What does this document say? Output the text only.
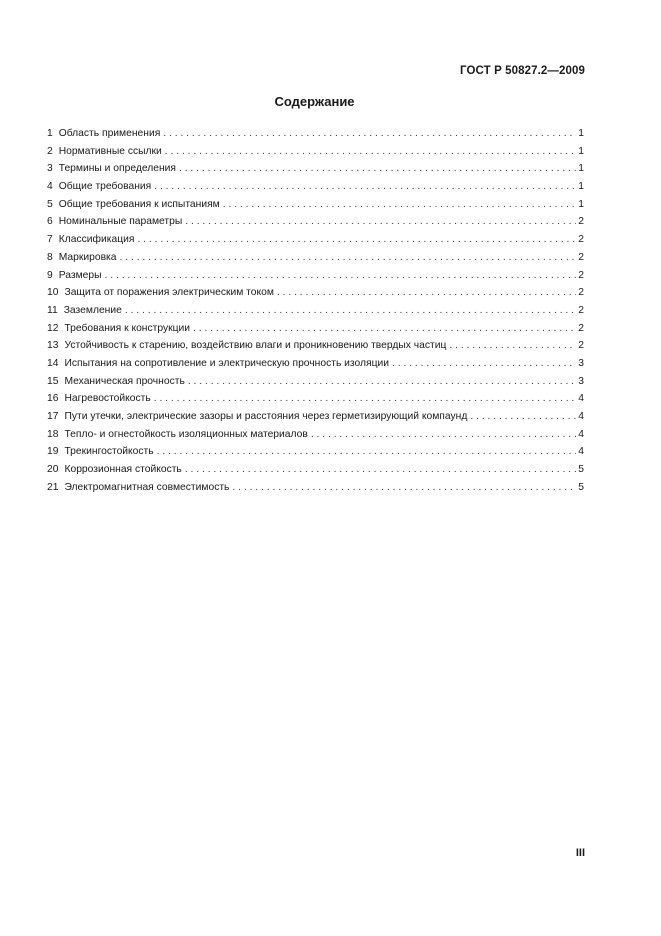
ГОСТ Р 50827.2—2009
Содержание
1 Область применения . . .	1
2 Нормативные ссылки . . .	1
3 Термины и определения . . .	1
4 Общие требования . . .	1
5 Общие требования к испытаниям . . .	1
6 Номинальные параметры . . .	2
7 Классификация . . .	2
8 Маркировка . . .	2
9 Размеры . . .	2
10 Защита от поражения электрическим током . . .	2
11 Заземление . . .	2
12 Требования к конструкции . . .	2
13 Устойчивость к старению, воздействию влаги и проникновению твердых частиц . . .	2
14 Испытания на сопротивление и электрическую прочность изоляции . . .	3
15 Механическая прочность . . .	3
16 Нагревостойкость . . .	4
17 Пути утечки, электрические зазоры и расстояния через герметизирующий компаунд . . .	4
18 Тепло- и огнестойкость изоляционных материалов . . .	4
19 Трекингостойкость . . .	4
20 Коррозионная стойкость . . .	5
21 Электромагнитная совместимость . . .	5
III
